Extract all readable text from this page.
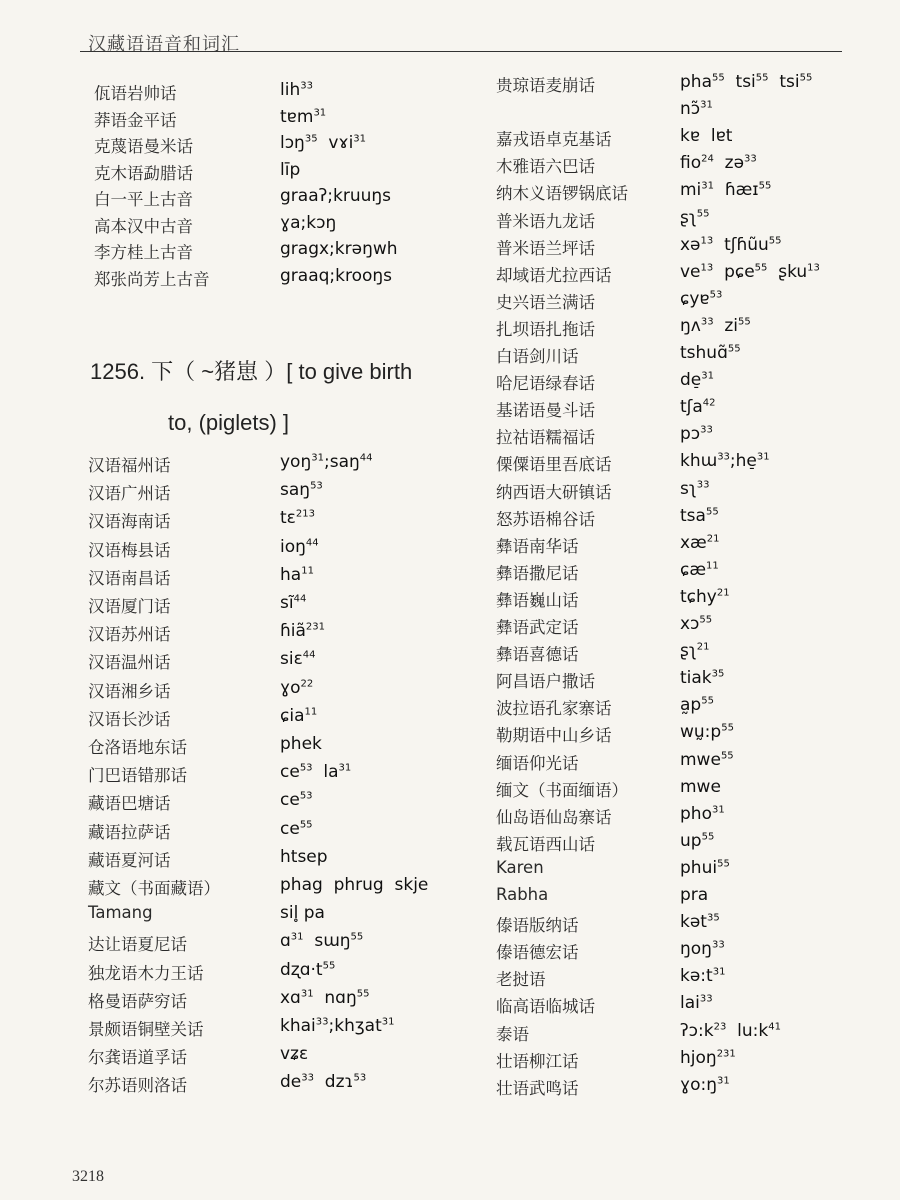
汉藏语语音和词汇
佤语岩帅话	lih$^{33}$
莽语金平话	tɐm$^{31}$
克蔑语曼米话	lɔŋ$^{35}$  vɤi$^{31}$
克木语勐腊话	līp
白一平上古音	graaʔ;kruuŋs
高本汉中古音	ɣa;kɔŋ
李方桂上古音	gragx;krəŋwh
郑张尚芳上古音	graaq;krooŋs
1256. 下（ ~猪崽 ）[ to give birth
to, (piglets) ]
汉语福州话	yoŋ$^{31}$;saŋ$^{44}$
汉语广州话	saŋ$^{53}$
汉语海南话	tɛ$^{213}$
汉语梅县话	ioŋ$^{44}$
汉语南昌话	$ha^{11}$
汉语厦门话	$sĩ^{44}$
汉语苏州话	ɦiã$^{231}$
汉语温州话	siɛ$^{44}$
汉语湘乡话	ɣo$^{22}$
汉语长沙话	ɕia$^{11}$
仓洛语地东话	phek
门巴语错那话	$ce^{53}$  $la^{31}$
藏语巴塘话	$ce^{53}$
藏语拉萨话	$ce^{55}$
藏语夏河话	htsep
藏文（书面藏语）	phag  phrug  skje
Tamang	sil̥ pa
达让语夏尼话	ɑ$^{31}$  sɯŋ$^{55}$
独龙语木力王话	$dʐɑ\cdot t^{55}$
格曼语萨穷话	xɑ$^{31}$  nɑŋ$^{55}$
景颇语铜壁关话	khai$^{33}$;khʒat$^{31}$
尔龚语道孚话	vʑɛ
尔苏语则洛话	$de^{33}$  dzɿ$^{53}$
贵琼语麦崩话	pha$^{55}$  tsi$^{55}$  tsi$^{55}$
nɔ̃$^{31}$
嘉戎语卓克基话	kɐ  lɐt
木雅语六巴话	fio$^{24}$  zə$^{33}$
纳木义语锣锅底话	$mi^{31}$  ɦæɪ$^{55}$
普米语九龙话	ʂʅ$^{55}$
普米语兰坪话	xə$^{13}$  tʃɦũu$^{55}$
却域语尤拉西话	$ve^{13}$  pɕe$^{55}$  ʂku$^{13}$
史兴语兰满话	ɕyɐ$^{53}$
扎坝语扎拖话	ŋʌ$^{33}$  $zi^{55}$
白语剑川话	tshuɑ̃$^{55}$
哈尼语绿春话	de̠$^{31}$
基诺语曼斗话	tʃa$^{42}$
拉祜语糯福话	pɔ$^{33}$
傈僳语里吾底话	khɯ$^{33}$;he̠$^{31}$
纳西语大研镇话	sʅ$^{33}$
怒苏语棉谷话	tsa$^{55}$
彝语南华话	$xæ^{21}$
彝语撒尼话	ɕæ$^{11}$
彝语巍山话	tɕhy$^{21}$
彝语武定话	xɔ$^{55}$
彝语喜德话	ʂʅ$^{21}$
阿昌语户撒话	tiak$^{35}$
波拉语孔家寨话	$a̰p^{55}$
勒期语中山乡话	$wṵ:p^{55}$
缅语仰光话	mwe$^{55}$
缅文（书面缅语）	mwe
仙岛语仙岛寨话	pho$^{31}$
载瓦语西山话	$up^{55}$
Karen	phui$^{55}$
Rabha	pra
傣语版纳话	kət$^{35}$
傣语德宏话	ŋoŋ$^{33}$
老挝语	$kə:t^{31}$
临高语临城话	lai$^{33}$
泰语	$ʔɔ:k^{23}$  $lu:k^{41}$
壮语柳江话	hjoŋ$^{231}$
壮语武鸣话	$ɣo:ŋ^{31}$
3218
